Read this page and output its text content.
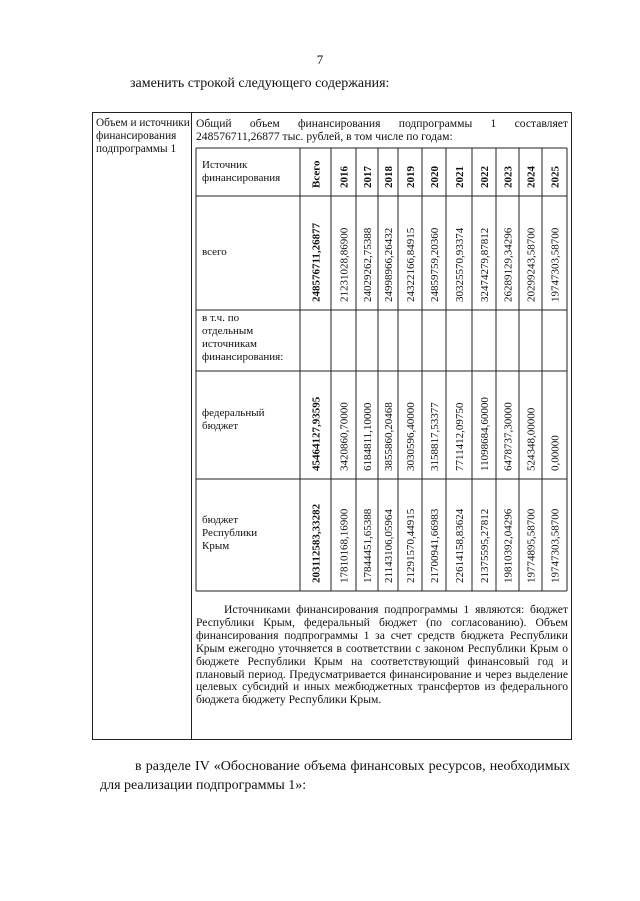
7
заменить строкой следующего содержания:
Объем и источники финансирования подпрограммы 1
Общий объем финансирования подпрограммы 1 составляет
248576711,26877 тыс. рублей, в том числе по годам:
Источник финансирования	Всего 2016 2017 2018 2019 2020 2021 2022 2023 2024 2025
всего	248576711,26877 21231028,86900 24029262,75388 24998966,26432 24322166,84915 24859759,20360 30325570,93374 32474279,87812 26289129,34296 20299243,58700 19747303,58700
в т.ч. по отдельным источникам финансирования:
федеральный бюджет	45464127,93595 3420860,70000 6184811,10000 3855860,20468 3030596,40000 3158817,53377 7711412,09750 11098684,60000 6478737,30000 524348,00000 0,00000
бюджет Республики Крым	203112583,33282 17810168,16900 17844451,65388 21143106,05964 21291570,44915 21700941,66983 22614158,83624 21375595,27812 19810392,04296 19774895,58700 19747303,58700
Источниками финансирования подпрограммы 1 являются: бюджет Республики Крым, федеральный бюджет (по согласованию). Объем финансирования подпрограммы 1 за счет средств бюджета Республики Крым ежегодно уточняется в соответствии с законом Республики Крым о бюджете Республики Крым на соответствующий финансовый год и плановый период. Предусматривается финансирование и через выделение целевых субсидий и иных межбюджетных трансфертов из федерального бюджета бюджету Республики Крым.
в разделе IV «Обоснование объема финансовых ресурсов, необходимых для реализации подпрограммы 1»:
